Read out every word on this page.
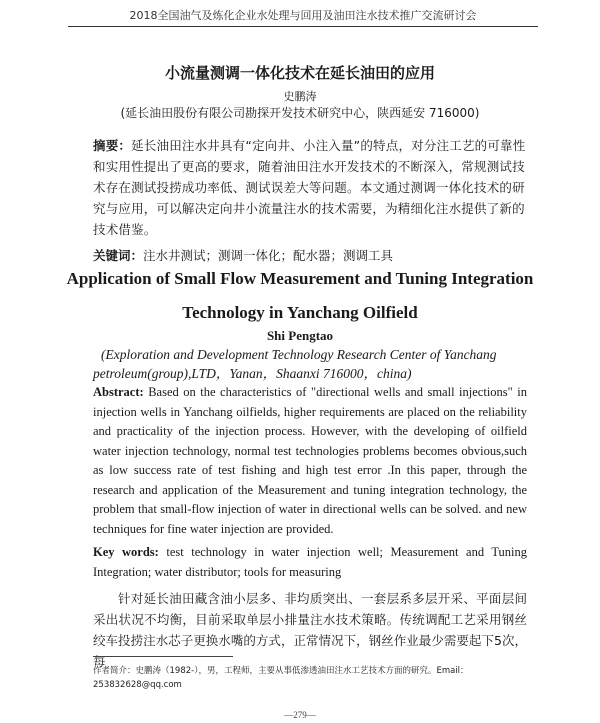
2018全国油气及炼化企业水处理与回用及油田注水技术推广交流研讨会
小流量测调一体化技术在延长油田的应用
史鹏涛
(延长油田股份有限公司勘探开发技术研究中心，陕西延安 716000)
摘要：延长油田注水井具有“定向井、小注入量”的特点，对分注工艺的可靠性和实用性提出了更高的要求，随着油田注水开发技术的不断深入，常规测试技术存在测试投捞成功率低、测试误差大等问题。本文通过测调一体化技术的研究与应用，可以解决定向井小流量注水的技术需要，为精细化注水提供了新的技术借鉴。
关键词：注水井测试；测调一体化；配水器；测调工具
Application of Small Flow Measurement and Tuning Integration
Technology in Yanchang Oilfield
Shi Pengtao
(Exploration and Development Technology Research Center of Yanchang petroleum(group),LTD，Yanan，Shaanxi 716000，china)
Abstract: Based on the characteristics of "directional wells and small injections" in injection wells in Yanchang oilfields, higher requirements are placed on the reliability and practicality of the injection process. However, with the developing of oilfield water injection technology, normal test technologies problems becomes obvious,such as low success rate of test fishing and high test error .In this paper, through the research and application of the Measurement and tuning integration technology, the problem that small-flow injection of water in directional wells can be solved. and new techniques for fine water injection are provided.
Key words: test technology in water injection well; Measurement and Tuning Integration; water distributor; tools for measuring
针对延长油田藏含油小层多、非均质突出、一套层系多层开采、平面层间采出状况不均衡，目前采取单层小排量注水技术策略。传统调配工艺采用钢丝绞车投捞注水芯子更换水嘴的方式，正常情况下，钢丝作业最少需要起下5次，每
作者简介：史鹏涛（1982-），男，工程师，主要从事低渗透油田注水工艺技术方面的研究。Email：253832628@qq.com
—279—
